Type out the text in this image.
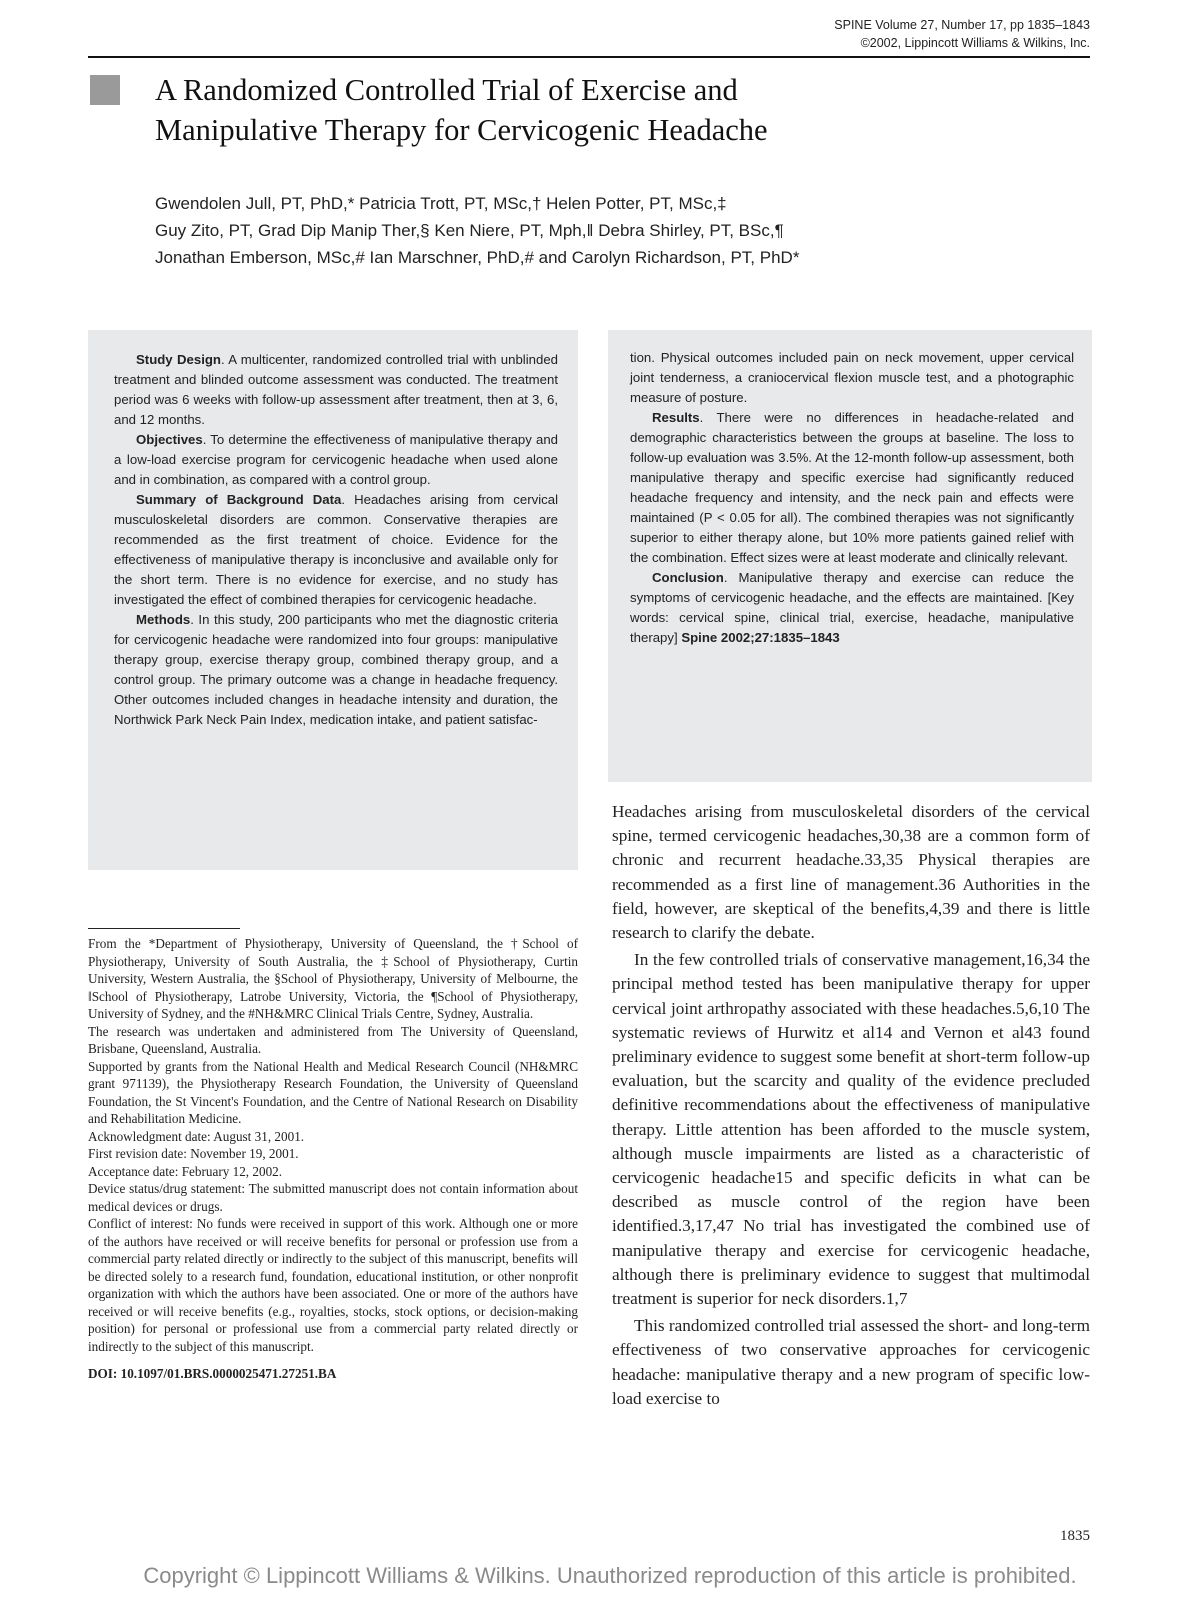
SPINE Volume 27, Number 17, pp 1835–1843
©2002, Lippincott Williams & Wilkins, Inc.
A Randomized Controlled Trial of Exercise and
Manipulative Therapy for Cervicogenic Headache
Gwendolen Jull, PT, PhD,* Patricia Trott, PT, MSc,† Helen Potter, PT, MSc,‡
Guy Zito, PT, Grad Dip Manip Ther,§ Ken Niere, PT, Mph,‖ Debra Shirley, PT, BSc,¶
Jonathan Emberson, MSc,# Ian Marschner, PhD,# and Carolyn Richardson, PT, PhD*

Study Design. A multicenter, randomized controlled trial with unblinded treatment and blinded outcome assessment was conducted. The treatment period was 6 weeks with follow-up assessment after treatment, then at 3, 6, and 12 months.

Objectives. To determine the effectiveness of manipulative therapy and a low-load exercise program for cervicogenic headache when used alone and in combination, as compared with a control group.

Summary of Background Data. Headaches arising from cervical musculoskeletal disorders are common. Conservative therapies are recommended as the first treatment of choice. Evidence for the effectiveness of manipulative therapy is inconclusive and available only for the short term. There is no evidence for exercise, and no study has investigated the effect of combined therapies for cervicogenic headache.

Methods. In this study, 200 participants who met the diagnostic criteria for cervicogenic headache were randomized into four groups: manipulative therapy group, exercise therapy group, combined therapy group, and a control group. The primary outcome was a change in headache frequency. Other outcomes included changes in headache intensity and duration, the Northwick Park Neck Pain Index, medication intake, and patient satisfac-

tion. Physical outcomes included pain on neck movement, upper cervical joint tenderness, a craniocervical flexion muscle test, and a photographic measure of posture.

Results. There were no differences in headache-related and demographic characteristics between the groups at baseline. The loss to follow-up evaluation was 3.5%. At the 12-month follow-up assessment, both manipulative therapy and specific exercise had significantly reduced headache frequency and intensity, and the neck pain and effects were maintained (P < 0.05 for all). The combined therapies was not significantly superior to either therapy alone, but 10% more patients gained relief with the combination. Effect sizes were at least moderate and clinically relevant.

Conclusion. Manipulative therapy and exercise can reduce the symptoms of cervicogenic headache, and the effects are maintained. [Key words: cervical spine, clinical trial, exercise, headache, manipulative therapy] Spine 2002;27:1835–1843

From the *Department of Physiotherapy, University of Queensland, the †School of Physiotherapy, University of South Australia, the ‡School of Physiotherapy, Curtin University, Western Australia, the §School of Physiotherapy, University of Melbourne, the ‖School of Physiotherapy, Latrobe University, Victoria, the ¶School of Physiotherapy, University of Sydney, and the #NH&MRC Clinical Trials Centre, Sydney, Australia.
The research was undertaken and administered from The University of Queensland, Brisbane, Queensland, Australia.
Supported by grants from the National Health and Medical Research Council (NH&MRC grant 971139), the Physiotherapy Research Foundation, the University of Queensland Foundation, the St Vincent's Foundation, and the Centre of National Research on Disability and Rehabilitation Medicine.
Acknowledgment date: August 31, 2001.
First revision date: November 19, 2001.
Acceptance date: February 12, 2002.
Device status/drug statement: The submitted manuscript does not contain information about medical devices or drugs.
Conflict of interest: No funds were received in support of this work. Although one or more of the authors have received or will receive benefits for personal or profession use from a commercial party related directly or indirectly to the subject of this manuscript, benefits will be directed solely to a research fund, foundation, educational institution, or other nonprofit organization with which the authors have been associated. One or more of the authors have received or will receive benefits (e.g., royalties, stocks, stock options, or decision-making position) for personal or professional use from a commercial party related directly or indirectly to the subject of this manuscript.
DOI: 10.1097/01.BRS.0000025471.27251.BA

Headaches arising from musculoskeletal disorders of the cervical spine, termed cervicogenic headaches,30,38 are a common form of chronic and recurrent headache.33,35 Physical therapies are recommended as a first line of management.36 Authorities in the field, however, are skeptical of the benefits,4,39 and there is little research to clarify the debate.

In the few controlled trials of conservative management,16,34 the principal method tested has been manipulative therapy for upper cervical joint arthropathy associated with these headaches.5,6,10 The systematic reviews of Hurwitz et al14 and Vernon et al43 found preliminary evidence to suggest some benefit at short-term follow-up evaluation, but the scarcity and quality of the evidence precluded definitive recommendations about the effectiveness of manipulative therapy. Little attention has been afforded to the muscle system, although muscle impairments are listed as a characteristic of cervicogenic headache15 and specific deficits in what can be described as muscle control of the region have been identified.3,17,47 No trial has investigated the combined use of manipulative therapy and exercise for cervicogenic headache, although there is preliminary evidence to suggest that multimodal treatment is superior for neck disorders.1,7

This randomized controlled trial assessed the short- and long-term effectiveness of two conservative approaches for cervicogenic headache: manipulative therapy and a new program of specific low-load exercise to

1835
Copyright © Lippincott Williams & Wilkins. Unauthorized reproduction of this article is prohibited.
